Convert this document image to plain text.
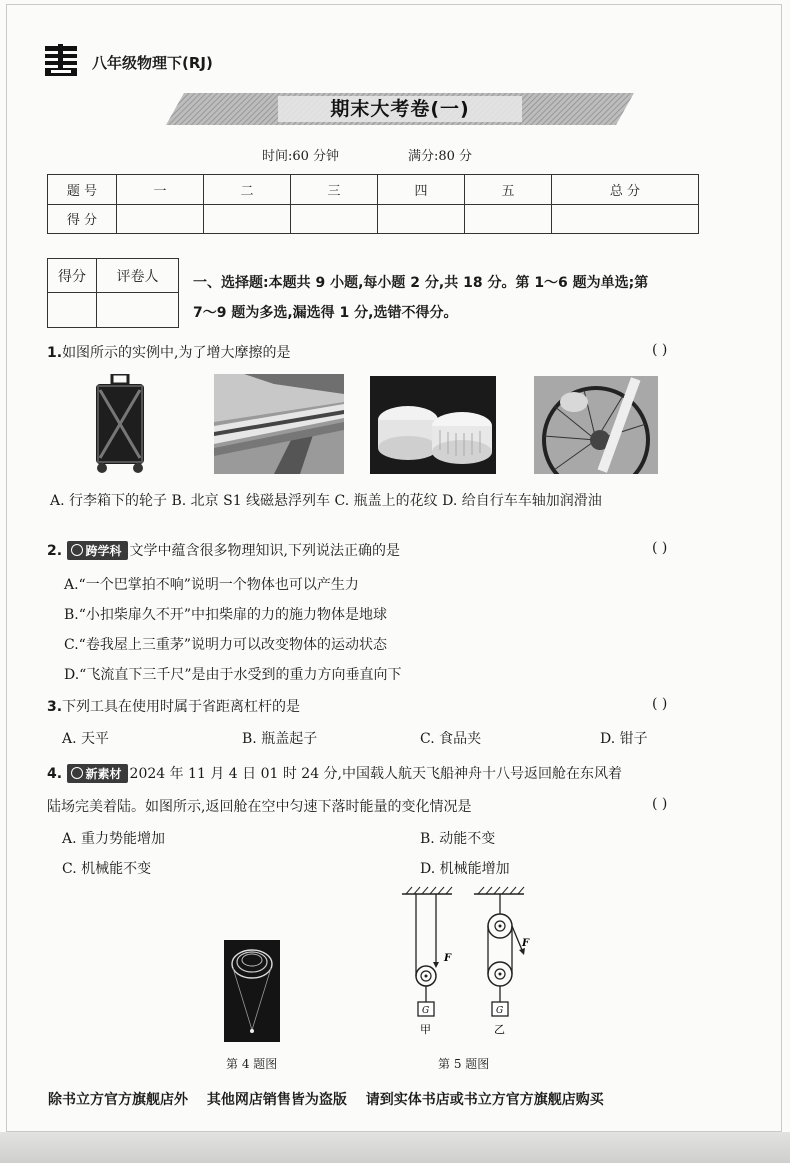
八年级物理下(RJ)
期末大考卷(一)
时间:60 分钟	满分:80 分
题 号	一	二	三	四	五	总 分
得 分						
得分	评卷人
	一、选择题:本题共 9 小题,每小题 2 分,共 18 分。第 1～6 题为单选;第
7～9 题为多选,漏选得 1 分,选错不得分。
1.如图所示的实例中,为了增大摩擦的是	( )
A. 行李箱下的轮子 B. 北京 S1 线磁悬浮列车 C. 瓶盖上的花纹 D. 给自行车车轴加润滑油
2. 跨学科 文学中蕴含很多物理知识,下列说法正确的是	( )
A.“一个巴掌拍不响”说明一个物体也可以产生力
B.“小扣柴扉久不开”中扣柴扉的力的施力物体是地球
C.“卷我屋上三重茅”说明力可以改变物体的运动状态
D.“飞流直下三千尺”是由于水受到的重力方向垂直向下
3.下列工具在使用时属于省距离杠杆的是	( )
A. 天平	B. 瓶盖起子	C. 食品夹	D. 钳子
4. 新素材 2024 年 11 月 4 日 01 时 24 分,中国载人航天飞船神舟十八号返回舱在东风着
陆场完美着陆。如图所示,返回舱在空中匀速下落时能量的变化情况是	( )
A. 重力势能增加	B. 动能不变
C. 机械能不变	D. 机械能增加
第 4 题图
F
F
G	G
甲	乙
第 5 题图
除书立方官方旗舰店外 其他网店销售皆为盗版 请到实体书店或书立方官方旗舰店购买
